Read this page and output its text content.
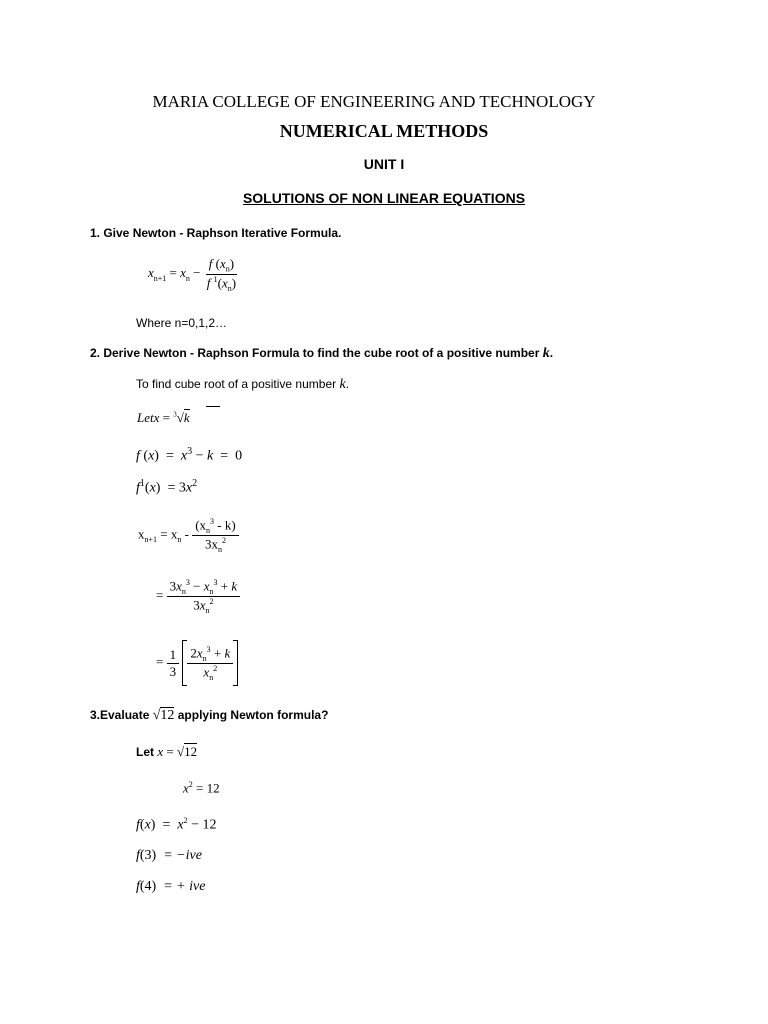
MARIA COLLEGE OF ENGINEERING AND TECHNOLOGY
NUMERICAL METHODS
UNIT I
SOLUTIONS OF NON LINEAR EQUATIONS
1. Give Newton - Raphson Iterative Formula.
$x_{n+1} = x_n - \frac{f (x_n)}{f ^1(x_n)}$
Where n=0,1,2…
2. Derive Newton - Raphson Formula to find the cube root of a positive number k.
To find cube root of a positive number k.
Letx = $^3$√k
f $(x) = x^3 - k = 0$
$f^1(x) = 3x^2$
$x_{n+1} = x_n - \frac{(x_n^3 - k)}{3x_n^2}$
= $\frac{3x_n^3 - x_n^3 + k}{3x_n^2}$
= $\frac{1}{3}$
$\frac{2x_n^3 + k}{x_n^2}$
3.Evaluate √12 applying Newton formula?
Let x = √12
$x^2 = 12$
$f(x) = x^2 - 12$
f(3)  = −ive
f(4)  = + ive
